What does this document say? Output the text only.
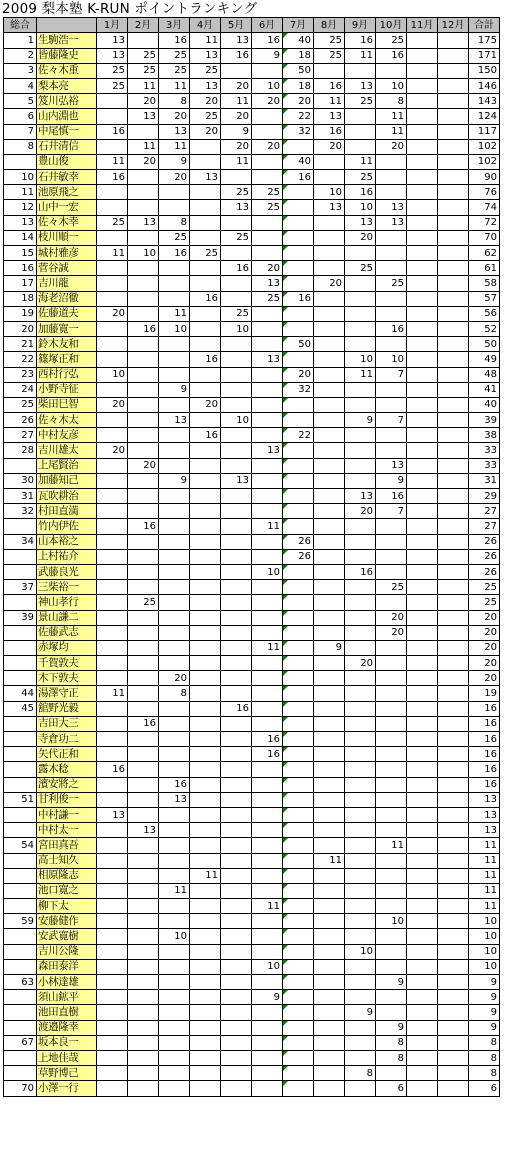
2009 梨本塾 K-RUN ポイントランキング
総合		1月	2月	3月	4月	5月	6月	7月	8月	9月	10月	11月	12月	合計
1	生駒浩一	13		16	11	13	16	40	25	16	25			175
2	皆藤隆史	13	25	25	13	16	9	18	25	11	16			171
3	佐々木重	25	25	25	25			50						150
4	梨本亮	25	11	11	13	20	10	18	16	13	10			146
5	笈川弘裕		20	8	20	11	20	20	11	25	8			143
6	山内淵也		13	20	25	20		22	13		11			124
7	中尾慎一	16		13	20	9		32	16		11			117
8	石井清信		11	11		20	20		20		20			102
	豊山俊	11	20	9		11		40		11				102
10	石井敏幸	16		20	13			16		25				90
11	池原飛之					25	25		10	16				76
12	山中一宏					13	25		13	10	13			74
13	佐々木幸	25	13	8						13	13			72
14	枝川順一			25		25				20				70
15	城村雅彦	11	10	16	25									62
16	菅谷誠					16	20			25				61
17	吉川龍						13		20		25			58
18	海老沼徹				16		25	16						57
19	佐藤道夫	20		11		25								56
20	加藤寛一		16	10		10					16			52
21	鈴木友和							50						50
22	篠塚正和				16		13			10	10			49
23	西村行弘	10						20		11	7			48
24	小野寺征			9				32						41
25	柴田巳智	20			20									40
26	佐々木太			13		10				9	7			39
27	中村友彦				16			22						38
28	吉川雄太	20					13							33
	上尾賢治		20								13			33
30	加藤知己			9		13					9			31
31	瓦吹耕治									13	16			29
32	村田直満									20	7			27
	竹内伊佐		16				11							27
34	山本裕之							26						26
	上村祐介							26						26
	武藤良光						10			16				26
37	三柴裕一										25			25
	神山孝行		25											25
39	景山謙二										20			20
	佐藤武志										20			20
	赤塚均						11		9					20
	千賀敦夫									20				20
	木下敦夫			20										20
44	湯澤守正	11		8										19
45	舘野光毅					16								16
	吉田大三		16											16
	寺倉功二						16							16
	矢代正和						16							16
	露木稔	16												16
	濱安將之			16										16
51	甘利俊一			13										13
	中村謙一	13												13
	中村太一		13											13
54	宮田真吾										11			11
	高士知久								11					11
	相原隆志				11									11
	池口寛之			11										11
	柳下太						11							11
59	安藤健作										10			10
	安武寛樹			10										10
	吉川公隆									10				10
	森田泰洋						10							10
63	小林達雄										9			9
	須山鉱平						9							9
	池田直樹									9				9
	渡邉隆幸										9			9
67	坂本良一										8			8
	上地佳哉										8			8
	草野博己									8				8
70	小澤一行										6			6
